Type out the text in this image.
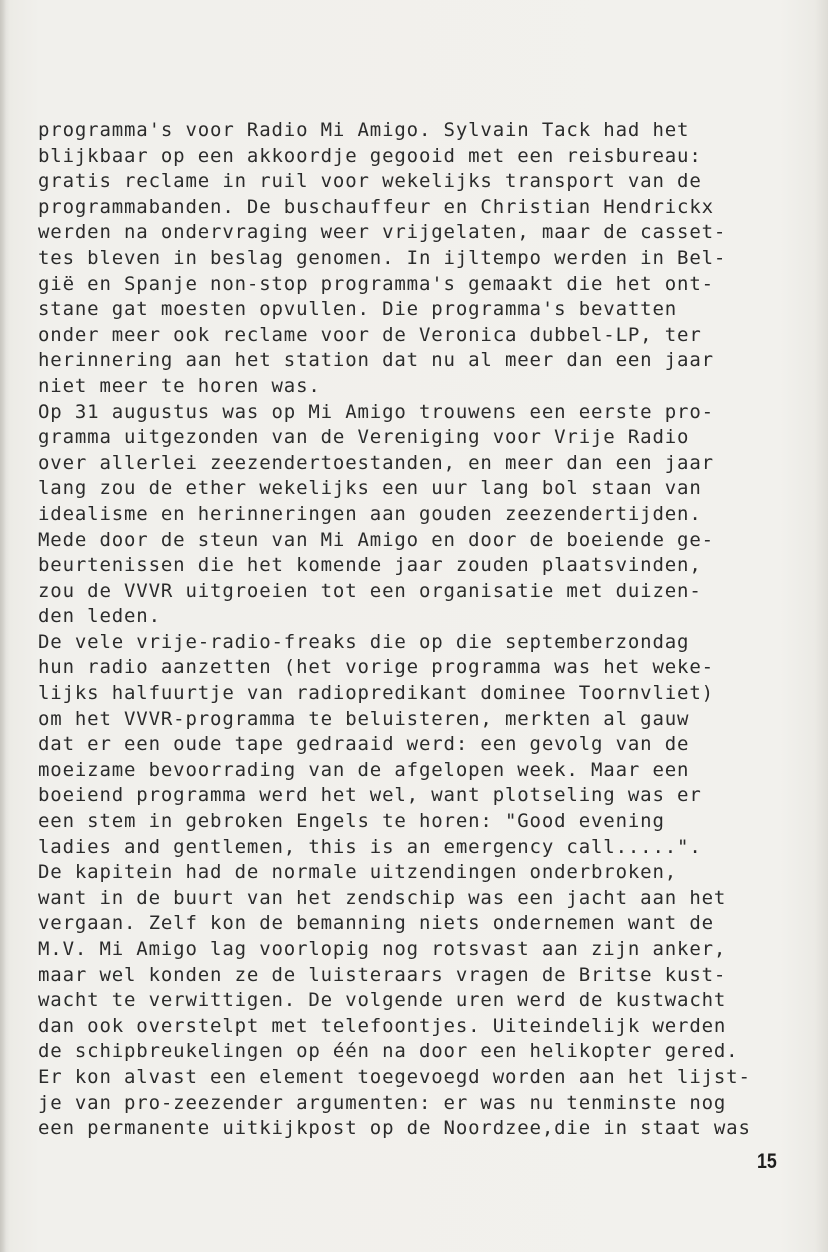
programma's voor Radio Mi Amigo. Sylvain Tack had het
blijkbaar op een akkoordje gegooid met een reisbureau:
gratis reclame in ruil voor wekelijks transport van de
programmabanden. De buschauffeur en Christian Hendrickx
werden na ondervraging weer vrijgelaten, maar de casset-
tes bleven in beslag genomen. In ijltempo werden in Bel-
gië en Spanje non-stop programma's gemaakt die het ont-
stane gat moesten opvullen. Die programma's bevatten
onder meer ook reclame voor de Veronica dubbel-LP, ter
herinnering aan het station dat nu al meer dan een jaar
niet meer te horen was.
Op 31 augustus was op Mi Amigo trouwens een eerste pro-
gramma uitgezonden van de Vereniging voor Vrije Radio
over allerlei zeezendertoestanden, en meer dan een jaar
lang zou de ether wekelijks een uur lang bol staan van
idealisme en herinneringen aan gouden zeezendertijden.
Mede door de steun van Mi Amigo en door de boeiende ge-
beurtenissen die het komende jaar zouden plaatsvinden,
zou de VVVR uitgroeien tot een organisatie met duizen-
den leden.
De vele vrije-radio-freaks die op die septemberzondag
hun radio aanzetten (het vorige programma was het weke-
lijks halfuurtje van radiopredikant dominee Toornvliet)
om het VVVR-programma te beluisteren, merkten al gauw
dat er een oude tape gedraaid werd: een gevolg van de
moeizame bevoorrading van de afgelopen week. Maar een
boeiend programma werd het wel, want plotseling was er
een stem in gebroken Engels te horen: "Good evening
ladies and gentlemen, this is an emergency call.....".
De kapitein had de normale uitzendingen onderbroken,
want in de buurt van het zendschip was een jacht aan het
vergaan. Zelf kon de bemanning niets ondernemen want de
M.V. Mi Amigo lag voorlopig nog rotsvast aan zijn anker,
maar wel konden ze de luisteraars vragen de Britse kust-
wacht te verwittigen. De volgende uren werd de kustwacht
dan ook overstelpt met telefoontjes. Uiteindelijk werden
de schipbreukelingen op één na door een helikopter gered.
Er kon alvast een element toegevoegd worden aan het lijst-
je van pro-zeezender argumenten: er was nu tenminste nog
een permanente uitkijkpost op de Noordzee,die in staat was
15
